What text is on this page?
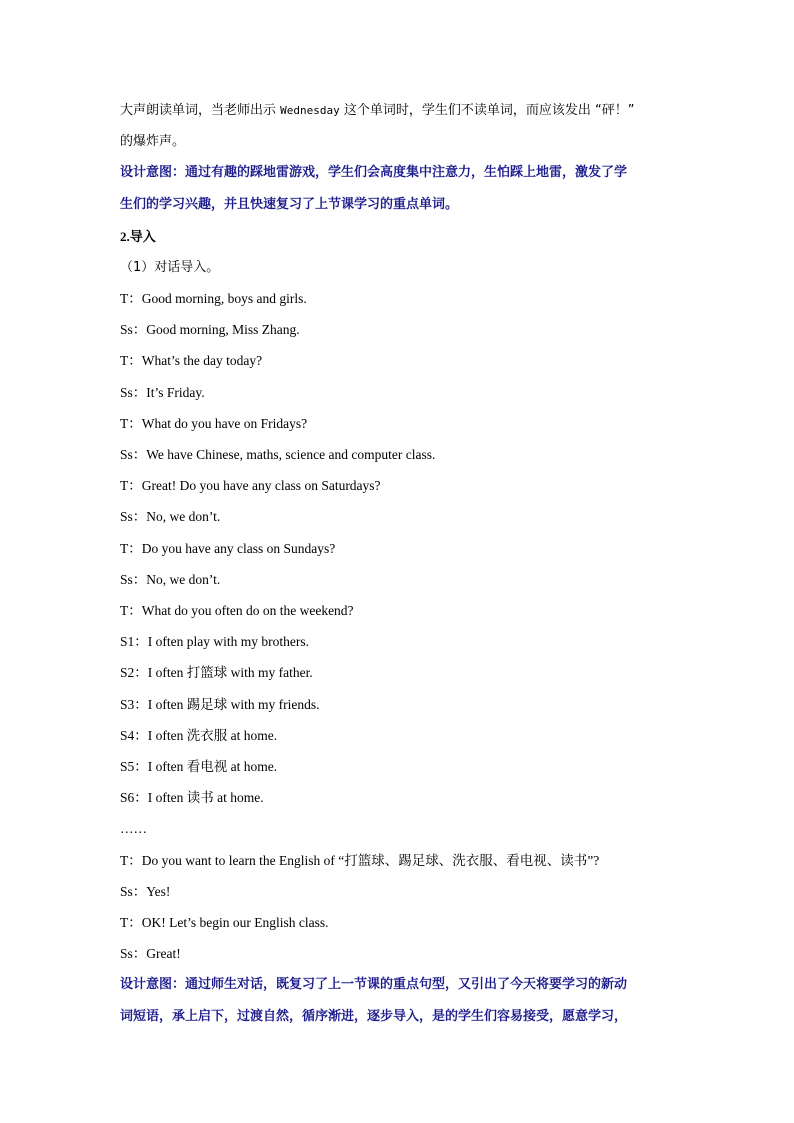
大声朗读单词，当老师出示 Wednesday 这个单词时，学生们不读单词，而应该发出 “砰！”
的爆炸声。
设计意图：通过有趣的踩地雷游戏，学生们会高度集中注意力，生怕踩上地雷，激发了学
生们的学习兴趣，并且快速复习了上节课学习的重点单词。
2.导入
（1）对话导入。
T：Good morning, boys and girls.
Ss：Good morning, Miss Zhang.
T：What’s the day today?
Ss：It’s Friday.
T：What do you have on Fridays?
Ss：We have Chinese, maths, science and computer class.
T：Great! Do you have any class on Saturdays?
Ss：No, we don’t.
T：Do you have any class on Sundays?
Ss：No, we don’t.
T：What do you often do on the weekend?
S1：I often play with my brothers.
S2：I often 打篮球 with my father.
S3：I often 踢足球 with my friends.
S4：I often 洗衣服 at home.
S5：I often 看电视 at home.
S6：I often 读书 at home.
……
T：Do you want to learn the English of “打篮球、踢足球、洗衣服、看电视、读书”?
Ss：Yes!
T：OK! Let’s begin our English class.
Ss：Great!
设计意图：通过师生对话，既复习了上一节课的重点句型，又引出了今天将要学习的新动
词短语，承上启下，过渡自然，循序渐进，逐步导入，是的学生们容易接受，愿意学习，
